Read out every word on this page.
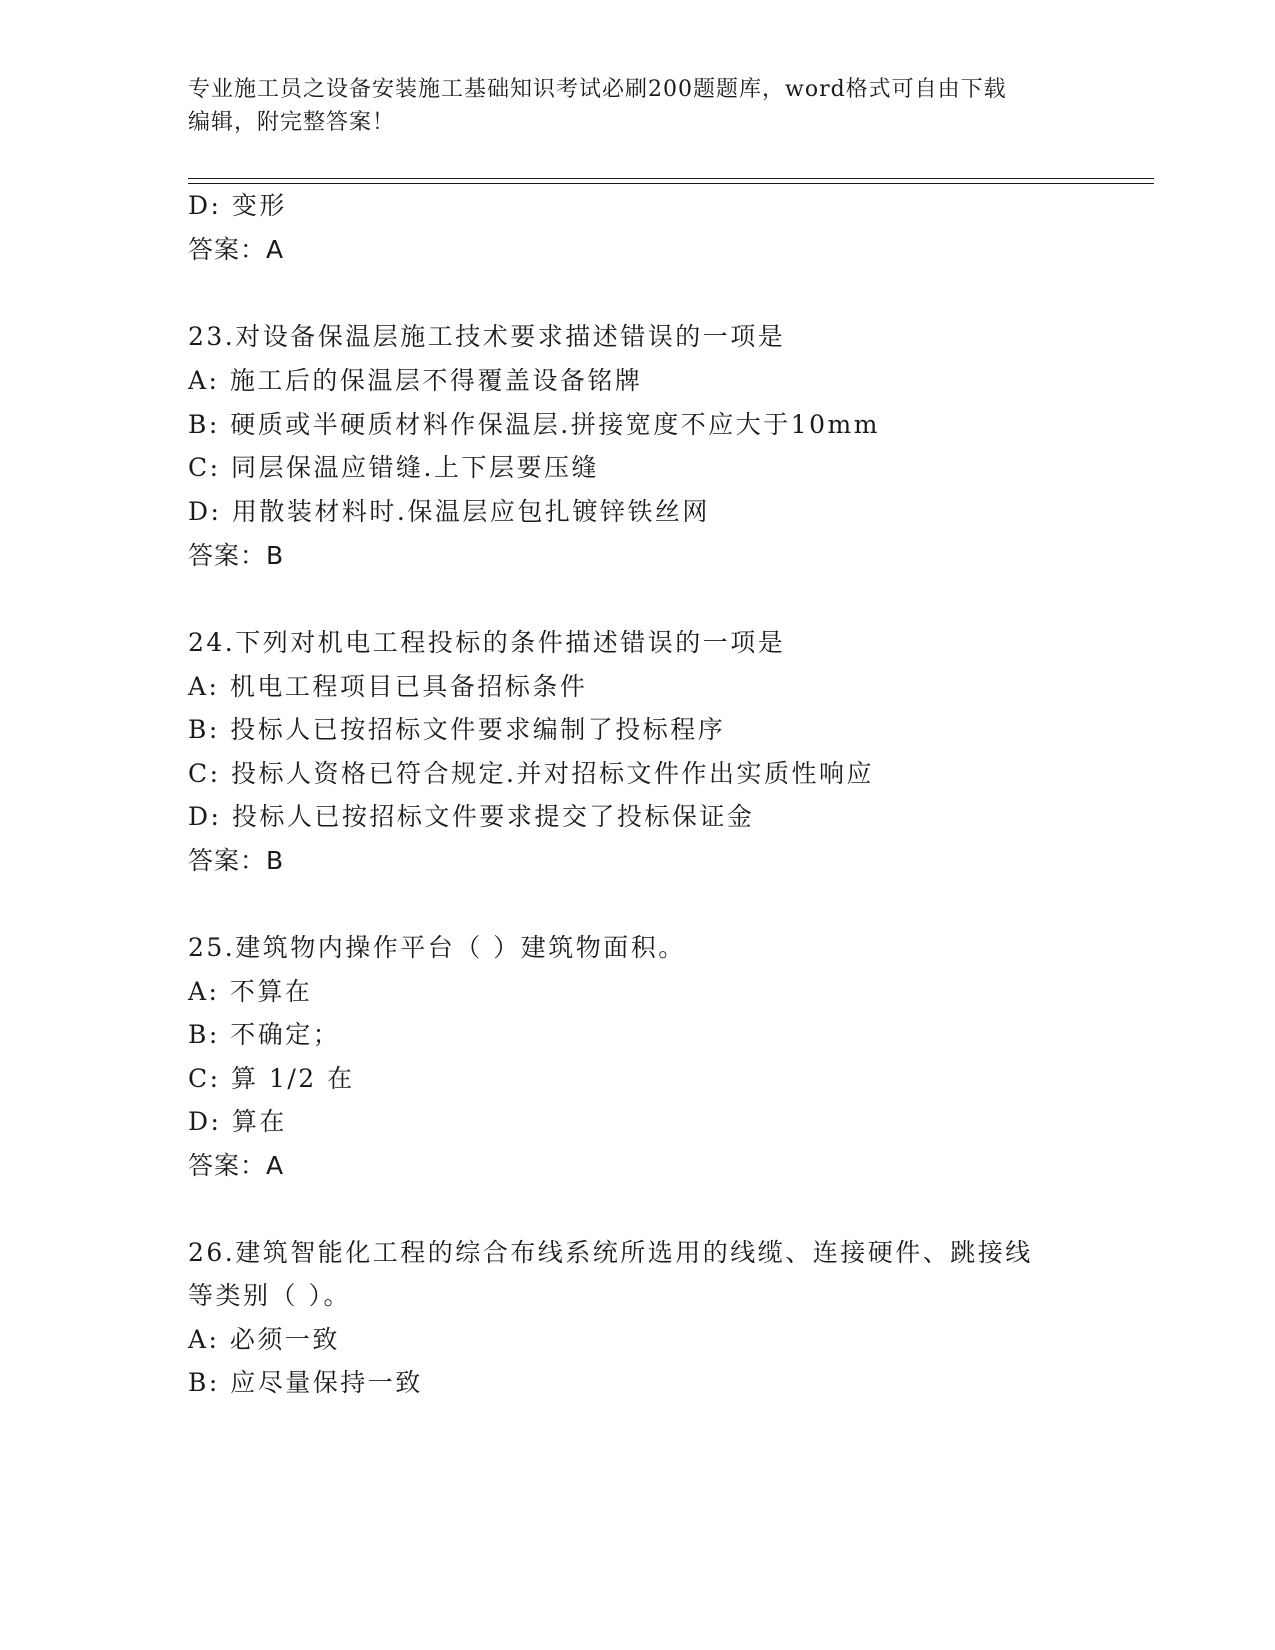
专业施工员之设备安装施工基础知识考试必刷200题题库，word格式可自由下载
编辑，附完整答案！
D: 变形
答案：A
23.对设备保温层施工技术要求描述错误的一项是
A: 施工后的保温层不得覆盖设备铭牌
B: 硬质或半硬质材料作保温层.拼接宽度不应大于10mm
C: 同层保温应错缝.上下层要压缝
D: 用散装材料时.保温层应包扎镀锌铁丝网
答案：B
24.下列对机电工程投标的条件描述错误的一项是
A: 机电工程项目已具备招标条件
B: 投标人已按招标文件要求编制了投标程序
C: 投标人资格已符合规定.并对招标文件作出实质性响应
D: 投标人已按招标文件要求提交了投标保证金
答案：B
25.建筑物内操作平台（ ）建筑物面积。
A: 不算在
B: 不确定；
C: 算 1/2 在
D: 算在
答案：A
26.建筑智能化工程的综合布线系统所选用的线缆、连接硬件、跳接线
等类别（ ）。
A: 必须一致
B: 应尽量保持一致
